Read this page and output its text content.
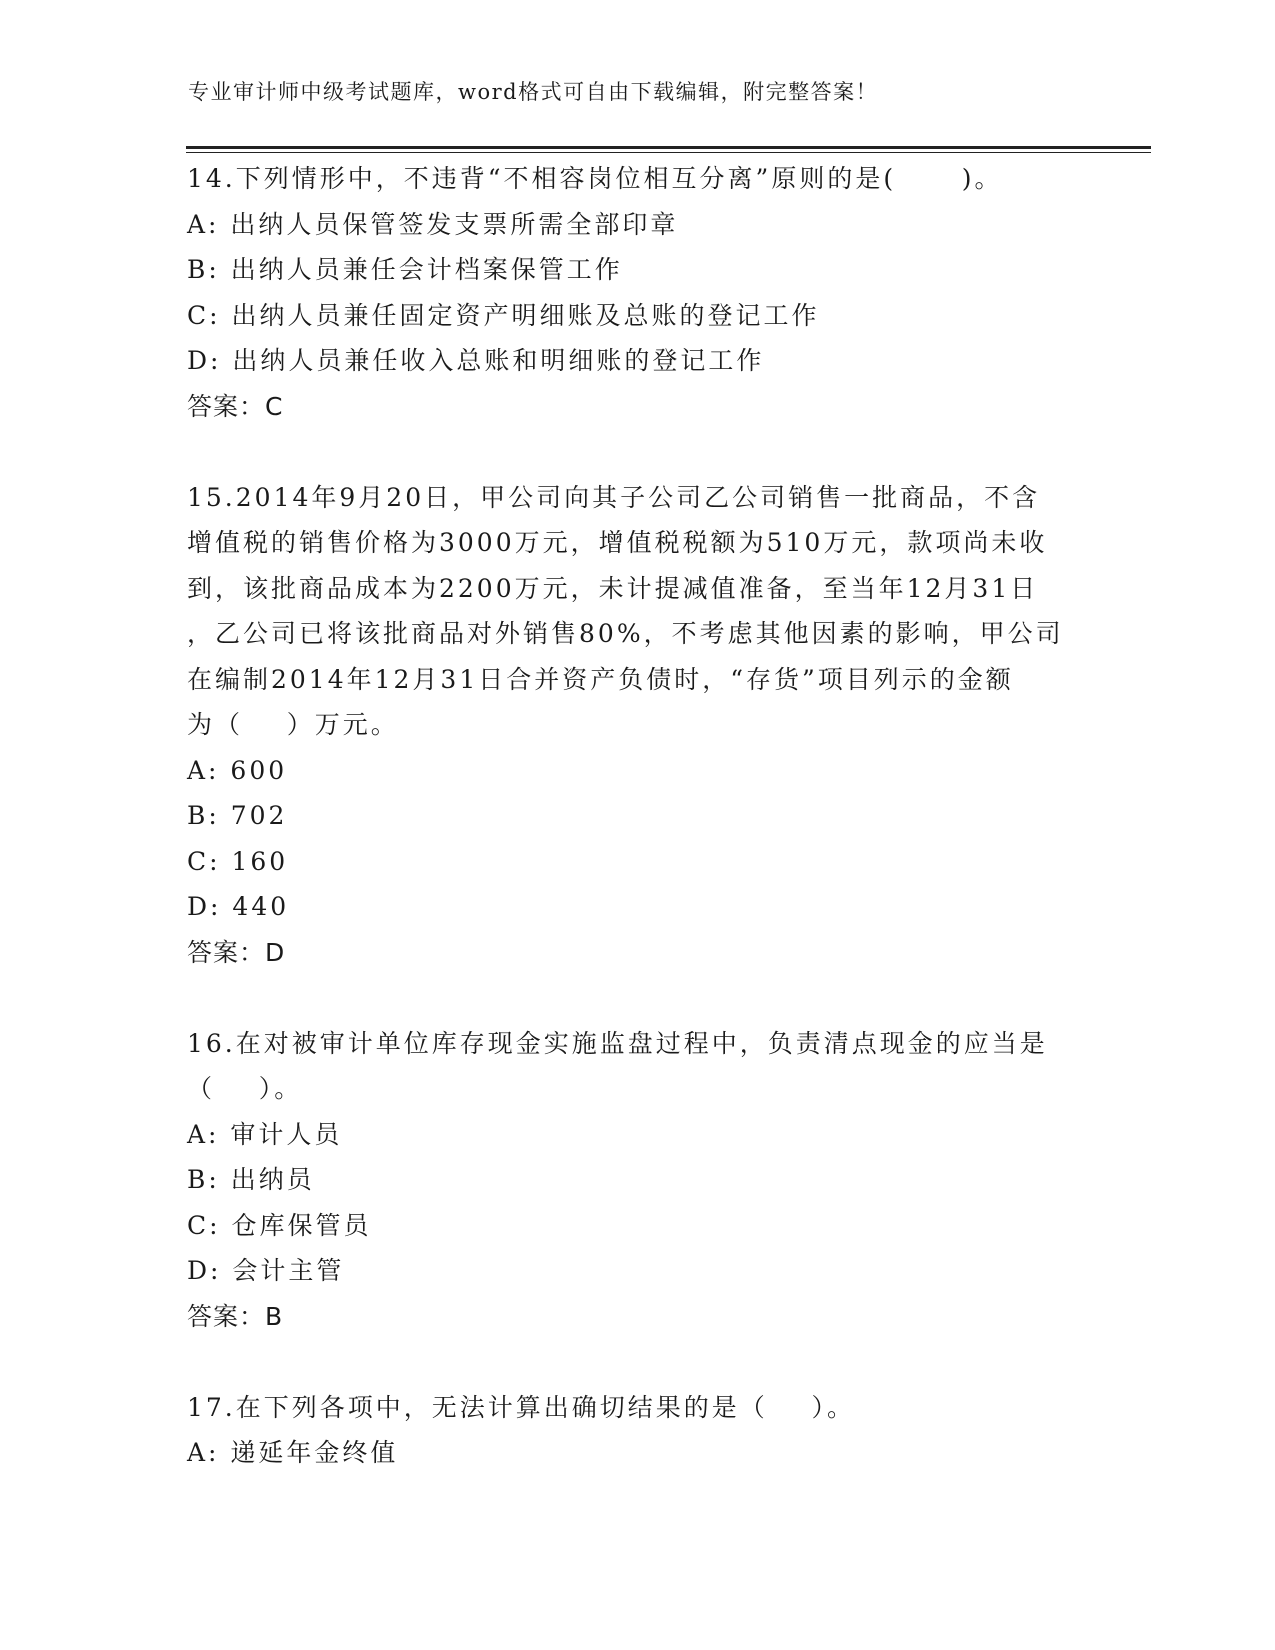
专业审计师中级考试题库，word格式可自由下载编辑，附完整答案！
14.下列情形中，不违背“不相容岗位相互分离”原则的是(      )。
A: 出纳人员保管签发支票所需全部印章
B: 出纳人员兼任会计档案保管工作
C: 出纳人员兼任固定资产明细账及总账的登记工作
D: 出纳人员兼任收入总账和明细账的登记工作
答案：C
15.2014年9月20日，甲公司向其子公司乙公司销售一批商品，不含
增值税的销售价格为3000万元，增值税税额为510万元，款项尚未收
到，该批商品成本为2200万元，未计提减值准备，至当年12月31日
，乙公司已将该批商品对外销售80%，不考虑其他因素的影响，甲公司
在编制2014年12月31日合并资产负债时，“存货”项目列示的金额
为（    ）万元。
A: 600
B: 702
C: 160
D: 440
答案：D
16.在对被审计单位库存现金实施监盘过程中，负责清点现金的应当是
（    ）。
A: 审计人员
B: 出纳员
C: 仓库保管员
D: 会计主管
答案：B
17.在下列各项中，无法计算出确切结果的是（    ）。
A: 递延年金终值
